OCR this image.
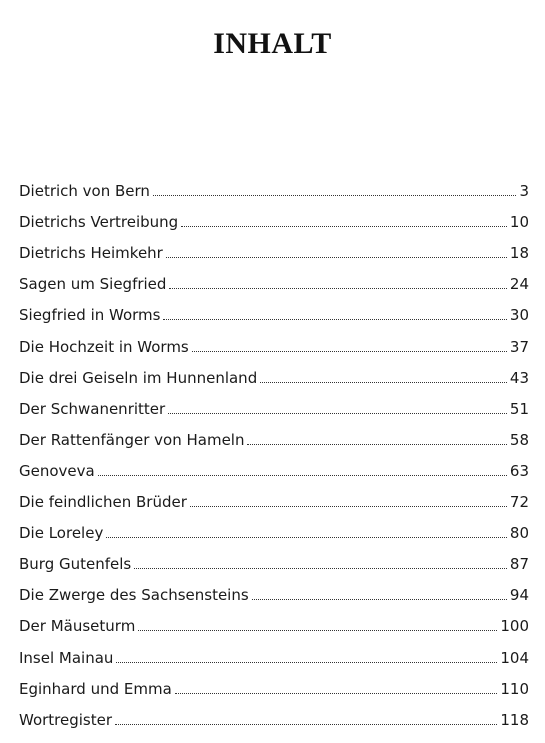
INHALT
Dietrich von Bern	3
Dietrichs Vertreibung	10
Dietrichs Heimkehr	18
Sagen um Siegfried	24
Siegfried in Worms	30
Die Hochzeit in Worms	37
Die drei Geiseln im Hunnenland	43
Der Schwanenritter	51
Der Rattenfänger von Hameln	58
Genoveva	63
Die feindlichen Brüder	72
Die Loreley	80
Burg Gutenfels	87
Die Zwerge des Sachsensteins	94
Der Mäuseturm	100
Insel Mainau	104
Eginhard und Emma	110
Wortregister	118
